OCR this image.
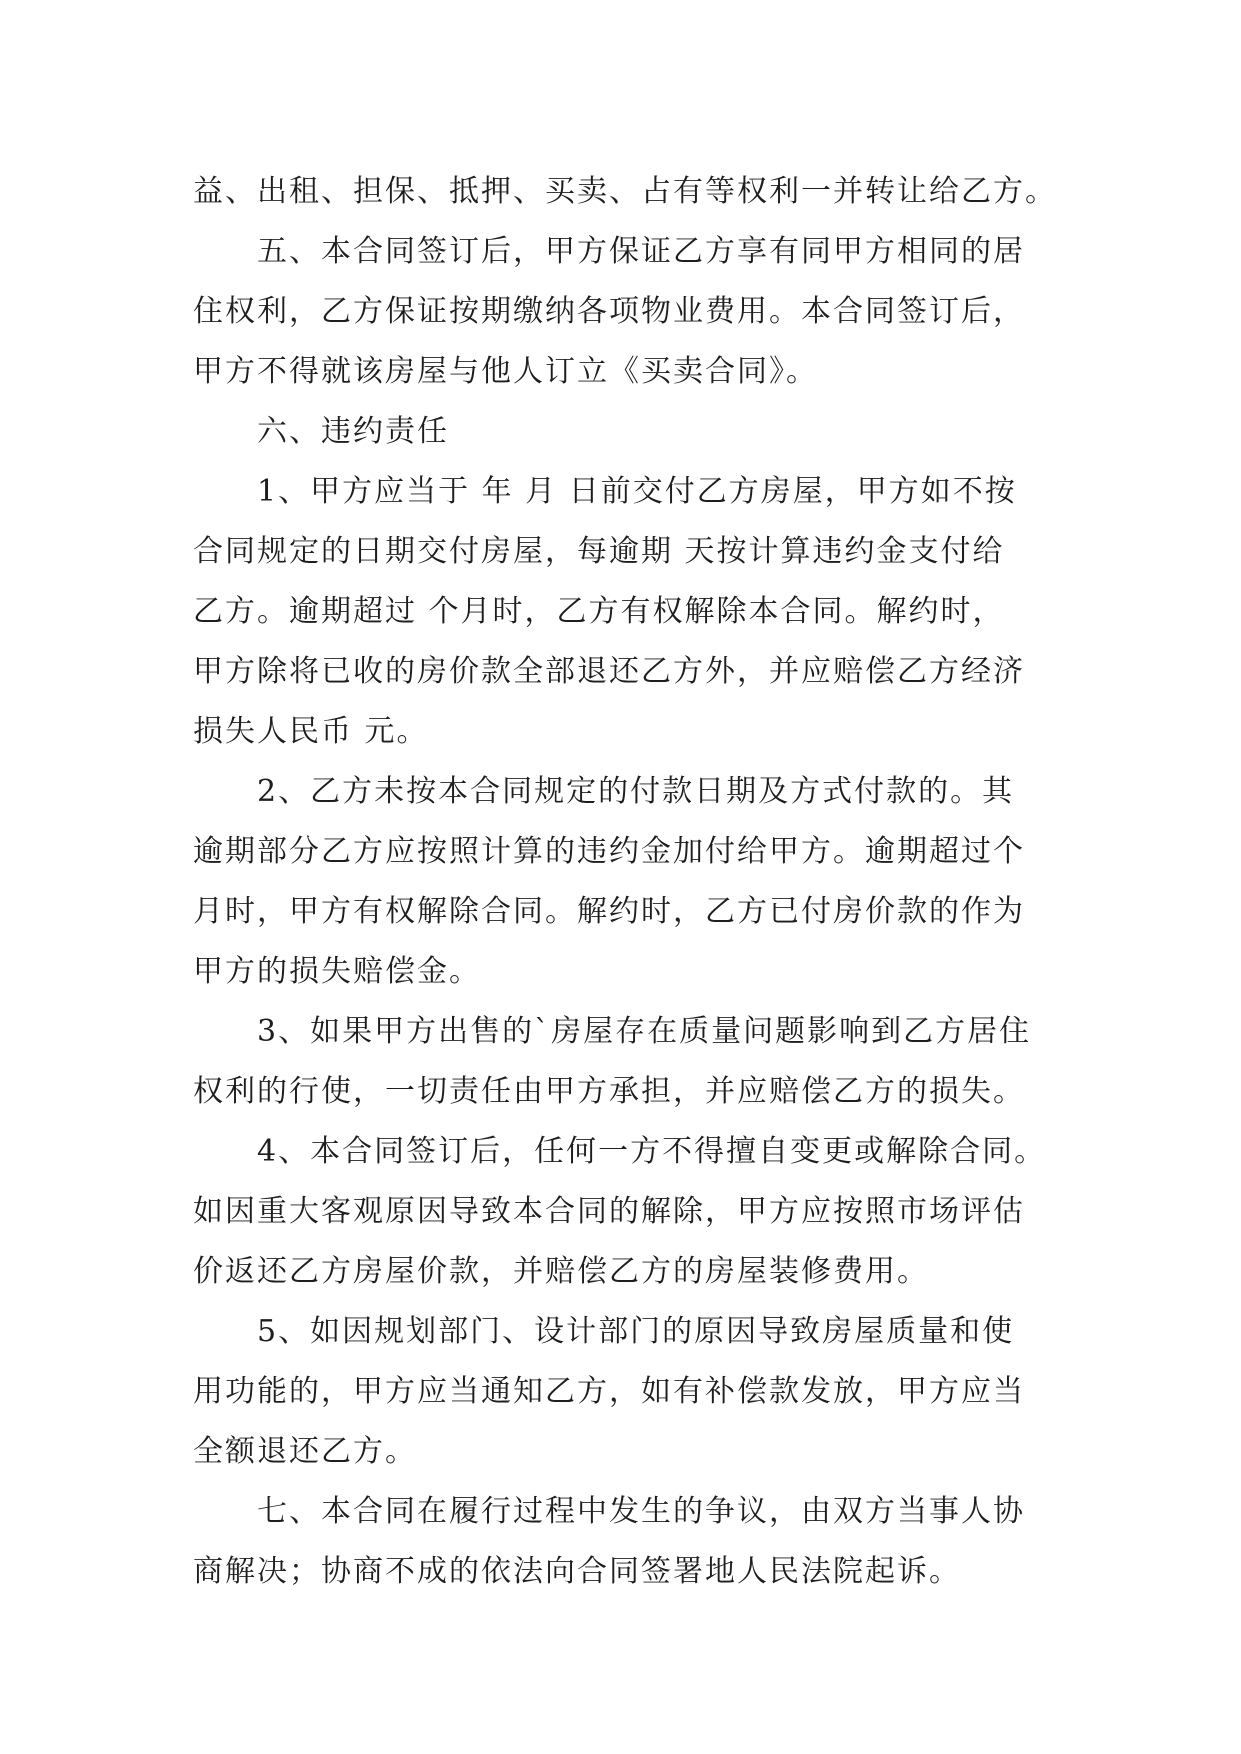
益、出租、担保、抵押、买卖、占有等权利一并转让给乙方。
五、本合同签订后，甲方保证乙方享有同甲方相同的居
住权利，乙方保证按期缴纳各项物业费用。本合同签订后，
甲方不得就该房屋与他人订立《买卖合同》。
六、违约责任
1、甲方应当于 年 月 日前交付乙方房屋，甲方如不按
合同规定的日期交付房屋，每逾期 天按计算违约金支付给
乙方。逾期超过 个月时，乙方有权解除本合同。解约时，
甲方除将已收的房价款全部退还乙方外，并应赔偿乙方经济
损失人民币 元。
2、乙方未按本合同规定的付款日期及方式付款的。其
逾期部分乙方应按照计算的违约金加付给甲方。逾期超过个
月时，甲方有权解除合同。解约时，乙方已付房价款的作为
甲方的损失赔偿金。
3、如果甲方出售的`房屋存在质量问题影响到乙方居住
权利的行使，一切责任由甲方承担，并应赔偿乙方的损失。
4、本合同签订后，任何一方不得擅自变更或解除合同。
如因重大客观原因导致本合同的解除，甲方应按照市场评估
价返还乙方房屋价款，并赔偿乙方的房屋装修费用。
5、如因规划部门、设计部门的原因导致房屋质量和使
用功能的，甲方应当通知乙方，如有补偿款发放，甲方应当
全额退还乙方。
七、本合同在履行过程中发生的争议，由双方当事人协
商解决；协商不成的依法向合同签署地人民法院起诉。
